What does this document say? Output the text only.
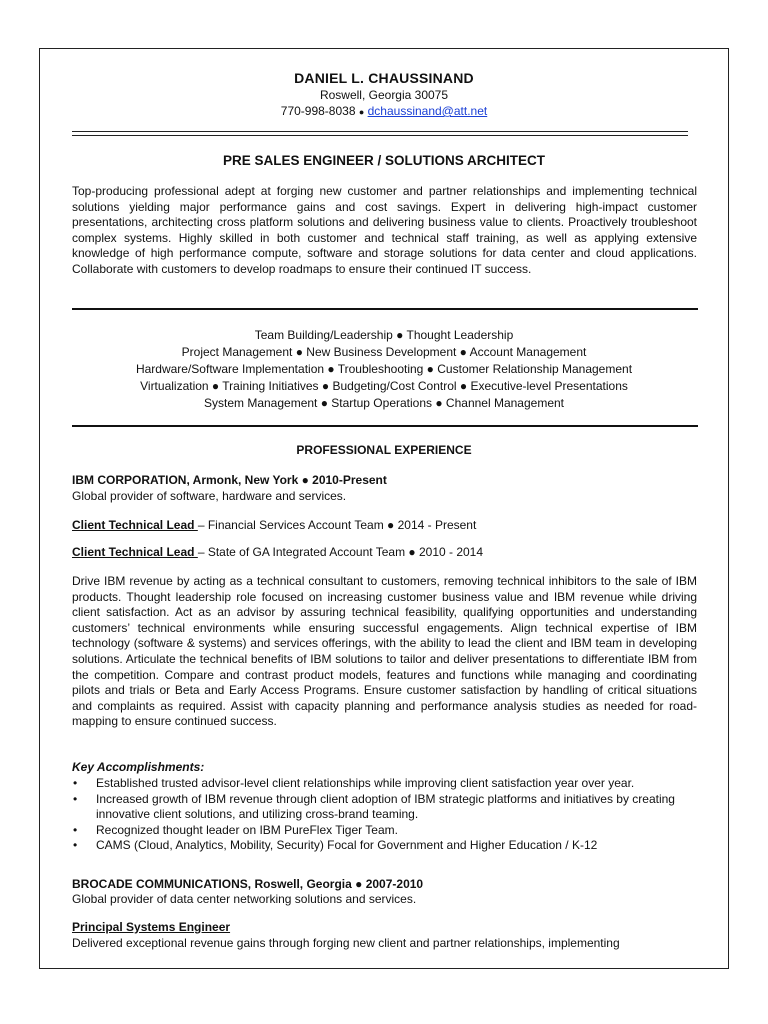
DANIEL L. CHAUSSINAND
Roswell, Georgia 30075
770-998-8038 ● dchaussinand@att.net
PRE SALES ENGINEER / SOLUTIONS ARCHITECT
Top-producing professional adept at forging new customer and partner relationships and implementing technical solutions yielding major performance gains and cost savings. Expert in delivering high-impact customer presentations, architecting cross platform solutions and delivering business value to clients. Proactively troubleshoot complex systems. Highly skilled in both customer and technical staff training, as well as applying extensive knowledge of high performance compute, software and storage solutions for data center and cloud applications. Collaborate with customers to develop roadmaps to ensure their continued IT success.
Team Building/Leadership ● Thought Leadership
Project Management ● New Business Development ● Account Management
Hardware/Software Implementation ● Troubleshooting ● Customer Relationship Management
Virtualization ● Training Initiatives ● Budgeting/Cost Control ● Executive-level Presentations
System Management ● Startup Operations ● Channel Management
PROFESSIONAL EXPERIENCE
IBM CORPORATION, Armonk, New York ● 2010-Present
Global provider of software, hardware and services.
Client Technical Lead – Financial Services Account Team ● 2014 - Present
Client Technical Lead – State of GA Integrated Account Team ● 2010 - 2014
Drive IBM revenue by acting as a technical consultant to customers, removing technical inhibitors to the sale of IBM products. Thought leadership role focused on increasing customer business value and IBM revenue while driving client satisfaction. Act as an advisor by assuring technical feasibility, qualifying opportunities and understanding customers’ technical environments while ensuring successful engagements. Align technical expertise of IBM technology (software & systems) and services offerings, with the ability to lead the client and IBM team in developing solutions. Articulate the technical benefits of IBM solutions to tailor and deliver presentations to differentiate IBM from the competition. Compare and contrast product models, features and functions while managing and coordinating pilots and trials or Beta and Early Access Programs. Ensure customer satisfaction by handling of critical situations and complaints as required. Assist with capacity planning and performance analysis studies as needed for road-mapping to ensure continued success.
Key Accomplishments:
• Established trusted advisor-level client relationships while improving client satisfaction year over year.
• Increased growth of IBM revenue through client adoption of IBM strategic platforms and initiatives by creating innovative client solutions, and utilizing cross-brand teaming.
• Recognized thought leader on IBM PureFlex Tiger Team.
• CAMS (Cloud, Analytics, Mobility, Security) Focal for Government and Higher Education / K-12
BROCADE COMMUNICATIONS, Roswell, Georgia ● 2007-2010
Global provider of data center networking solutions and services.
Principal Systems Engineer
Delivered exceptional revenue gains through forging new client and partner relationships, implementing
